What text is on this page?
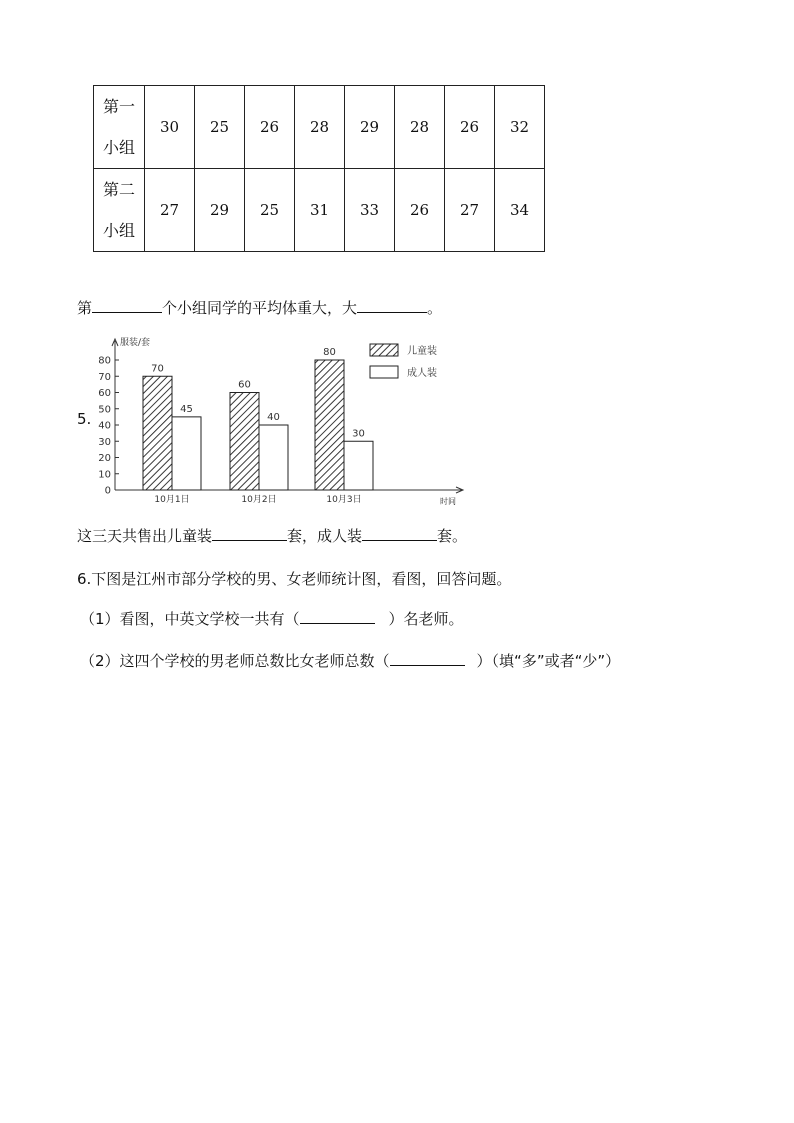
第一
小组	30	25	26	28	29	28	26	32

第二
小组	27	29	25	31	33	26	27	34
第	个小组同学的平均体重大，大	。
5.
0
10
20
30
40
50
60
70
80
服装/套
时间
70
45
10月1日
60
40
10月2日
80
30
10月3日
儿童装
成人装
这三天共售出儿童装	套，成人装	套。
6.下图是江州市部分学校的男、女老师统计图，看图，回答问题。
（1）看图，中英文学校一共有（	）名老师。
（2）这四个学校的男老师总数比女老师总数（	）（填“多”或者“少”）
